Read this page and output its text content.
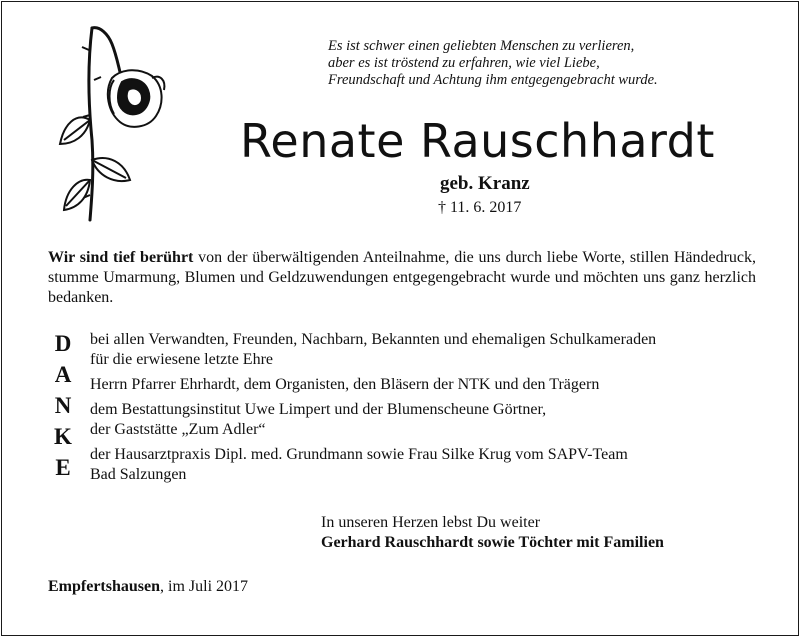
Es ist schwer einen geliebten Menschen zu verlieren,
aber es ist tröstend zu erfahren, wie viel Liebe,
Freundschaft und Achtung ihm entgegengebracht wurde.
Renate Rauschhardt
geb. Kranz
† 11. 6. 2017

Wir sind tief berührt von der überwältigenden Anteilnahme, die uns durch liebe Worte, stillen Händedruck, stumme Umarmung, Blumen und Geldzuwendungen entgegengebracht wurde und möchten uns ganz herzlich bedanken.

D
A
N
K
E
bei allen Verwandten, Freunden, Nachbarn, Bekannten und ehemaligen Schulkameraden
für die erwiesene letzte Ehre
Herrn Pfarrer Ehrhardt, dem Organisten, den Bläsern der NTK und den Trägern
dem Bestattungsinstitut Uwe Limpert und der Blumenscheune Görtner,
der Gaststätte „Zum Adler“
der Hausarztpraxis Dipl. med. Grundmann sowie Frau Silke Krug vom SAPV-Team
Bad Salzungen
In unseren Herzen lebst Du weiter
Gerhard Rauschhardt sowie Töchter mit Familien
Empfertshausen, im Juli 2017
